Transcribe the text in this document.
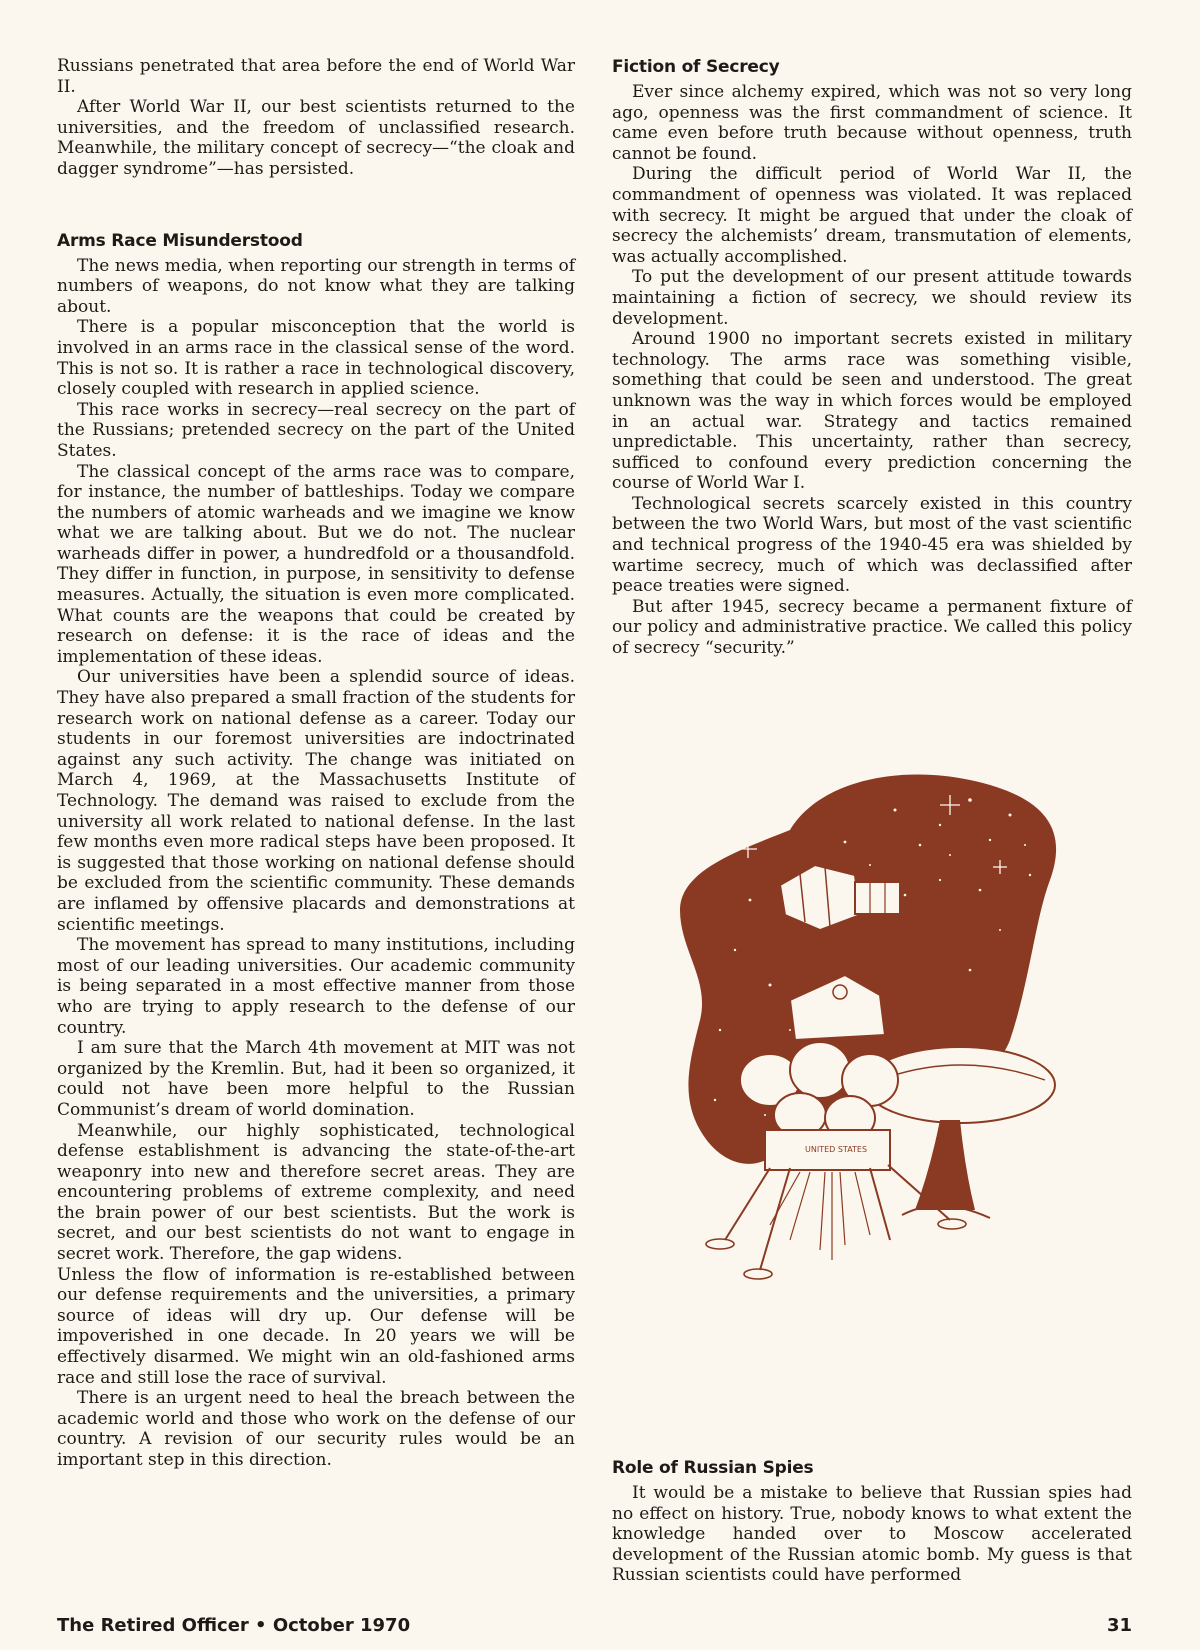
Russians penetrated that area before the end of World War II.

After World War II, our best scientists returned to the universities, and the freedom of unclassified research. Meanwhile, the military concept of secrecy—“the cloak and dagger syndrome”—has persisted.

Arms Race Misunderstood

The news media, when reporting our strength in terms of numbers of weapons, do not know what they are talking about.

There is a popular misconception that the world is involved in an arms race in the classical sense of the word. This is not so. It is rather a race in technological discovery, closely coupled with research in applied science.

This race works in secrecy—real secrecy on the part of the Russians; pretended secrecy on the part of the United States.

The classical concept of the arms race was to compare, for instance, the number of battleships. Today we compare the numbers of atomic warheads and we imagine we know what we are talking about. But we do not. The nuclear warheads differ in power, a hundredfold or a thousandfold. They differ in function, in purpose, in sensitivity to defense measures. Actually, the situation is even more complicated. What counts are the weapons that could be created by research on defense: it is the race of ideas and the implementation of these ideas.

Our universities have been a splendid source of ideas. They have also prepared a small fraction of the students for research work on national defense as a career. Today our students in our foremost universities are indoctrinated against any such activity. The change was initiated on March 4, 1969, at the Massachusetts Institute of Technology. The demand was raised to exclude from the university all work related to national defense. In the last few months even more radical steps have been proposed. It is suggested that those working on national defense should be excluded from the scientific community. These demands are inflamed by offensive placards and demonstrations at scientific meetings.

The movement has spread to many institutions, including most of our leading universities. Our academic community is being separated in a most effective manner from those who are trying to apply research to the defense of our country.

I am sure that the March 4th movement at MIT was not organized by the Kremlin. But, had it been so organized, it could not have been more helpful to the Russian Communist’s dream of world domination.

Meanwhile, our highly sophisticated, technological defense establishment is advancing the state-of-the-art weaponry into new and therefore secret areas. They are encountering problems of extreme complexity, and need the brain power of our best scientists. But the work is secret, and our best scientists do not want to engage in secret work. Therefore, the gap widens.

Unless the flow of information is re-established between our defense requirements and the universities, a primary source of ideas will dry up. Our defense will be impoverished in one decade. In 20 years we will be effectively disarmed. We might win an old-fashioned arms race and still lose the race of survival.

There is an urgent need to heal the breach between the academic world and those who work on the defense of our country. A revision of our security rules would be an important step in this direction.

Fiction of Secrecy

Ever since alchemy expired, which was not so very long ago, openness was the first commandment of science. It came even before truth because without openness, truth cannot be found.

During the difficult period of World War II, the commandment of openness was violated. It was replaced with secrecy. It might be argued that under the cloak of secrecy the alchemists’ dream, transmutation of elements, was actually accomplished.

To put the development of our present attitude towards maintaining a fiction of secrecy, we should review its development.

Around 1900 no important secrets existed in military technology. The arms race was something visible, something that could be seen and understood. The great unknown was the way in which forces would be employed in an actual war. Strategy and tactics remained unpredictable. This uncertainty, rather than secrecy, sufficed to confound every prediction concerning the course of World War I.

Technological secrets scarcely existed in this country between the two World Wars, but most of the vast scientific and technical progress of the 1940-45 era was shielded by wartime secrecy, much of which was declassified after peace treaties were signed.

But after 1945, secrecy became a permanent fixture of our policy and administrative practice. We called this policy of secrecy “security.”

UNITED STATES
Role of Russian Spies

It would be a mistake to believe that Russian spies had no effect on history. True, nobody knows to what extent the knowledge handed over to Moscow accelerated development of the Russian atomic bomb. My guess is that Russian scientists could have performed

The Retired Officer • October 1970	31
